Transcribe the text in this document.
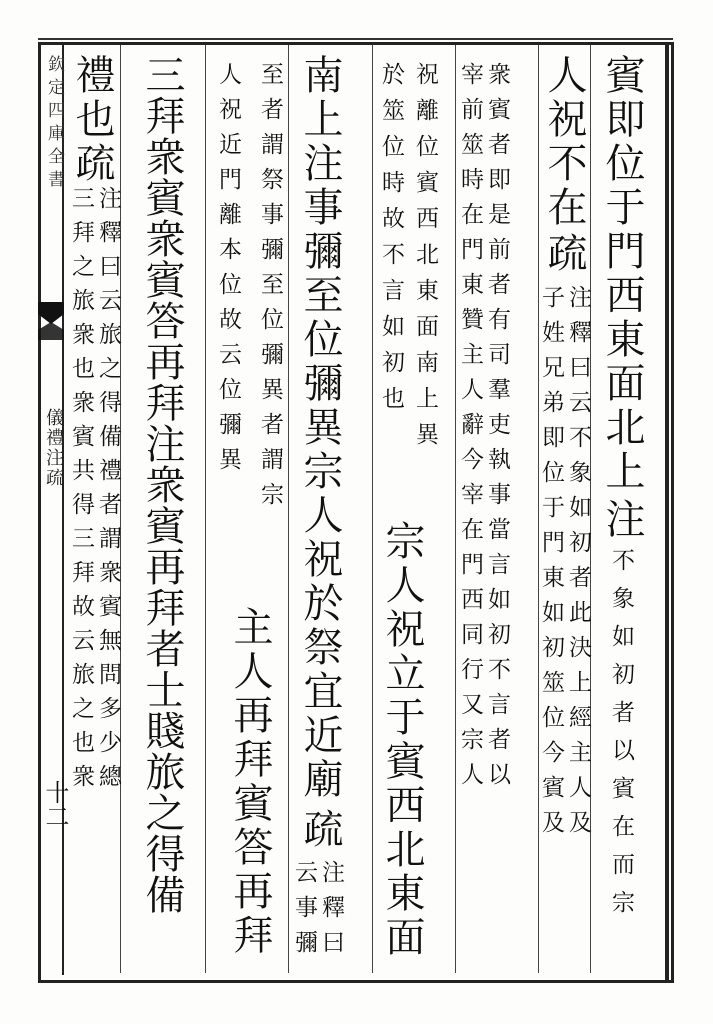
欽定四庫全書
儀禮注疏
十二
賓即位于門西東面北上
注
不象如初者以賓在而宗
人祝不在
疏
注釋曰云不象如初者此決上經主人及
子姓兄弟即位于門東如初筮位今賓及
衆賓者即是前者有司羣吏執事當言如初不言者以
宰前筮時在門東贊主人辭今宰在門西同行又宗人
祝離位賓西北東面南上異
宗人祝立于賓西北東面
於筮位時故不言如初也
南上注事彌至位彌異宗人祝於祭宜近廟
疏
注釋曰
云事彌
至者謂祭事彌至位彌異者謂宗
人祝近門離本位故云位彌異
主人再拜賓答再拜
三拜衆賓衆賓答再拜注衆賓再拜者士賤旅之得備
禮也疏
注釋曰云旅之得備禮者謂衆賓無問多少總
三拜之旅衆也衆賓共得三拜故云旅之也衆
